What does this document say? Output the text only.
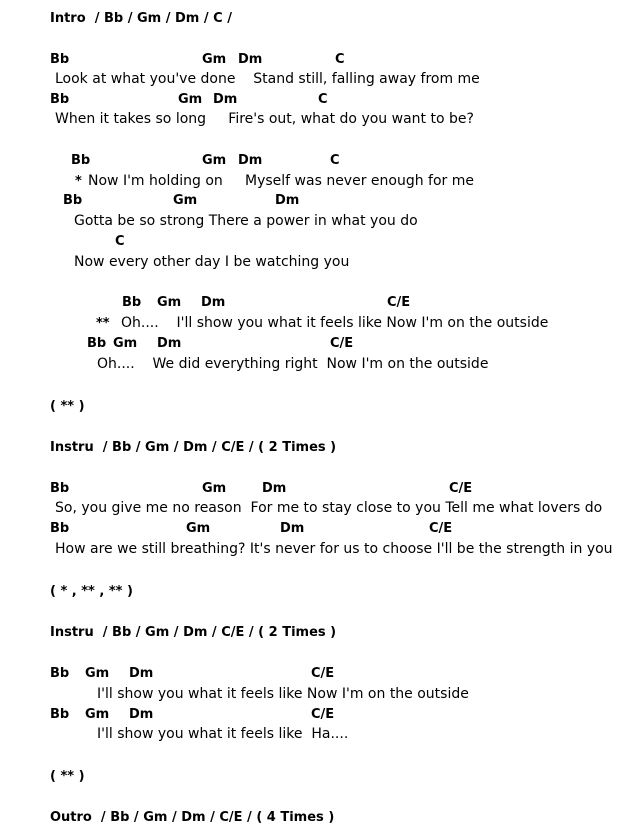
Intro  / Bb / Gm / Dm / C /
Bb	Gm Dm	C
Look at what you've done    Stand still, falling away from me
Bb	Gm Dm	C
When it takes so long     Fire's out, what do you want to be?
Bb	Gm Dm	C
* Now I'm holding on     Myself was never enough for me
Bb	Gm	Dm
Gotta be so strong There a power in what you do
C
Now every other day I be watching you
Bb Gm Dm	C/E
** Oh....    I'll show you what it feels like Now I'm on the outside
Bb Gm Dm	C/E
Oh....    We did everything right  Now I'm on the outside
( ** )
Instru  / Bb / Gm / Dm / C/E / ( 2 Times )
Bb	Gm	Dm	C/E
So, you give me no reason  For me to stay close to you Tell me what lovers do
Bb	Gm	Dm	C/E
How are we still breathing? It's never for us to choose I'll be the strength in you
( * , ** , ** )
Instru  / Bb / Gm / Dm / C/E / ( 2 Times )
Bb Gm Dm	C/E
I'll show you what it feels like Now I'm on the outside
Bb Gm Dm	C/E
I'll show you what it feels like  Ha....
( ** )
Outro  / Bb / Gm / Dm / C/E / ( 4 Times )
